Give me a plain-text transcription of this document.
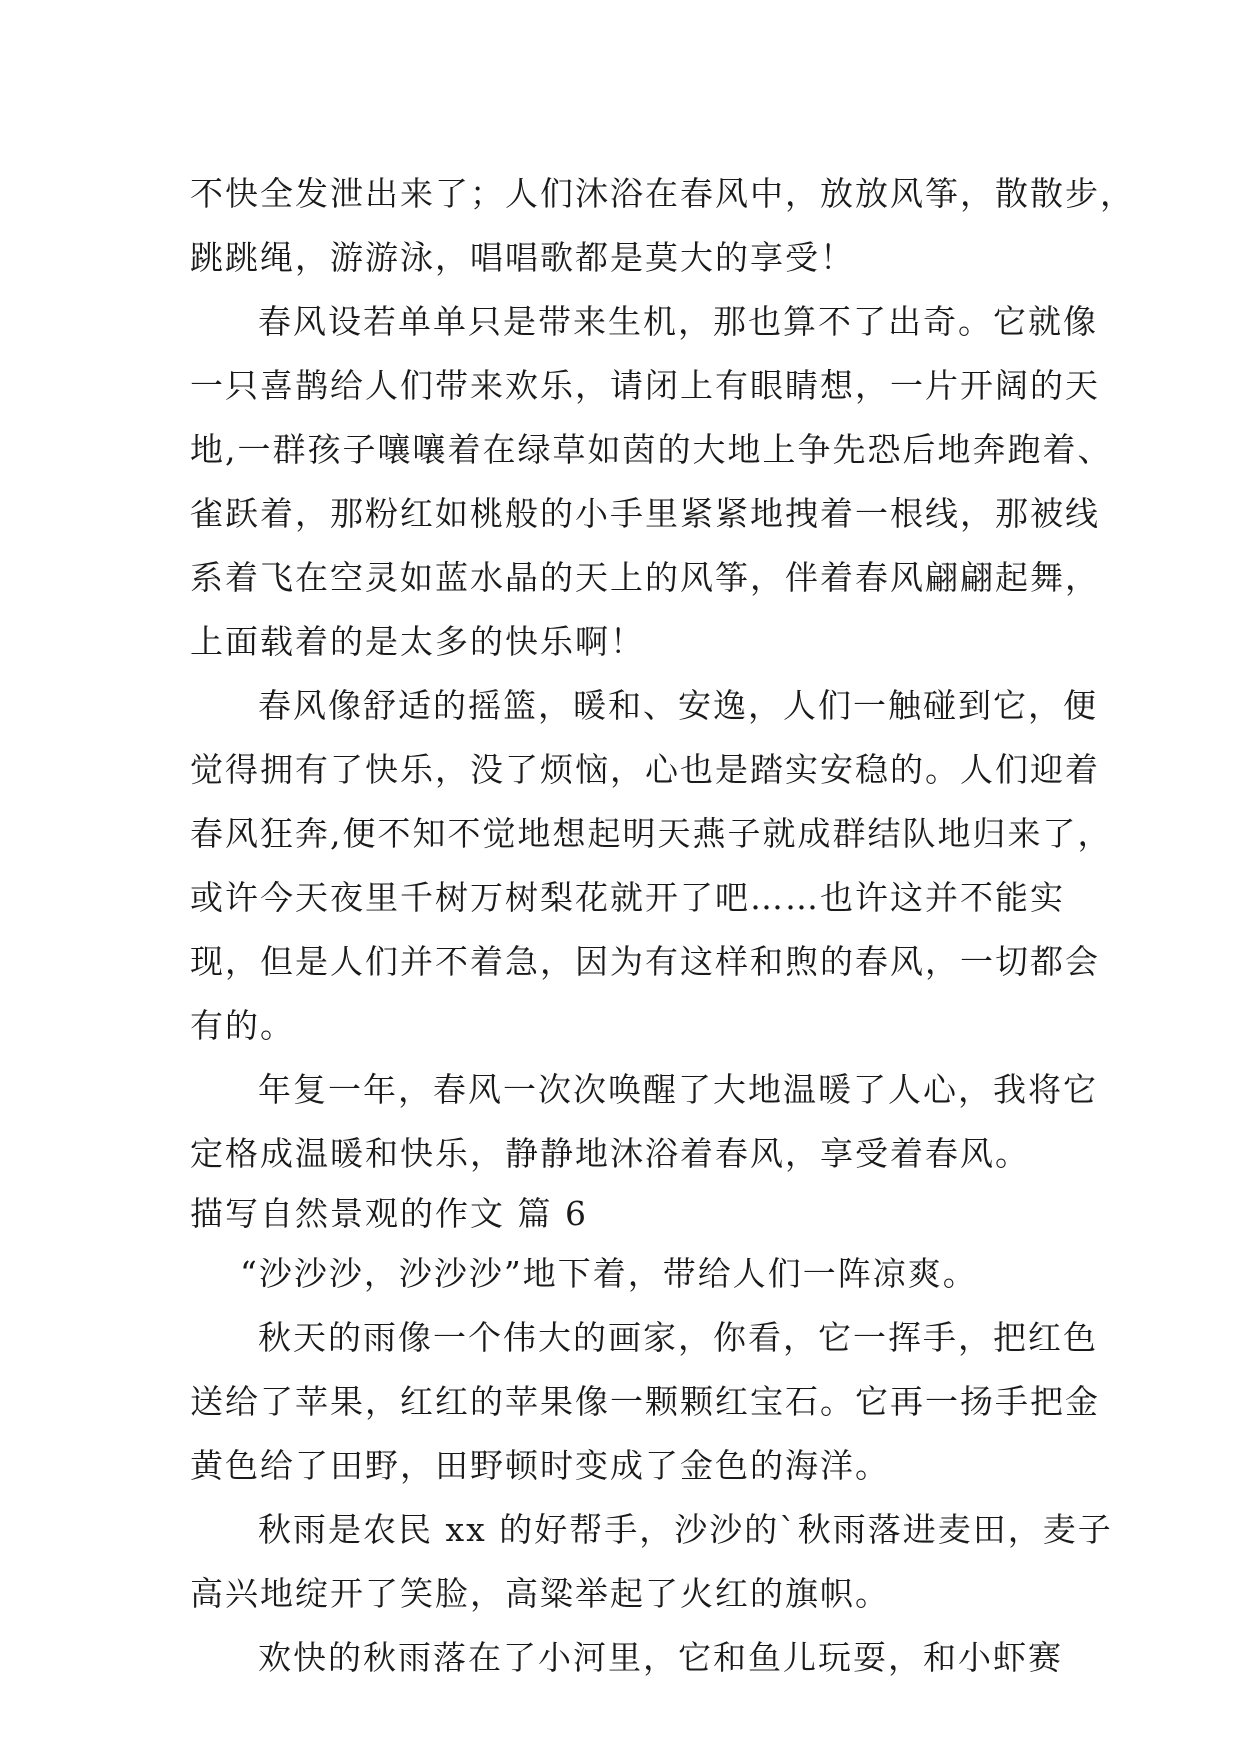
不快全发泄出来了；人们沐浴在春风中，放放风筝，散散步，
跳跳绳，游游泳，唱唱歌都是莫大的享受！
春风设若单单只是带来生机，那也算不了出奇。它就像
一只喜鹊给人们带来欢乐，请闭上有眼睛想，一片开阔的天
地,一群孩子嚷嚷着在绿草如茵的大地上争先恐后地奔跑着、
雀跃着，那粉红如桃般的小手里紧紧地拽着一根线，那被线
系着飞在空灵如蓝水晶的天上的风筝，伴着春风翩翩起舞，
上面载着的是太多的快乐啊！
春风像舒适的摇篮，暖和、安逸，人们一触碰到它，便
觉得拥有了快乐，没了烦恼，心也是踏实安稳的。人们迎着
春风狂奔,便不知不觉地想起明天燕子就成群结队地归来了，
或许今天夜里千树万树梨花就开了吧……也许这并不能实
现，但是人们并不着急，因为有这样和煦的春风，一切都会
有的。
年复一年，春风一次次唤醒了大地温暖了人心，我将它
定格成温暖和快乐，静静地沐浴着春风，享受着春风。
描写自然景观的作文 篇 6
“沙沙沙，沙沙沙”地下着，带给人们一阵凉爽。
秋天的雨像一个伟大的画家，你看，它一挥手，把红色
送给了苹果，红红的苹果像一颗颗红宝石。它再一扬手把金
黄色给了田野，田野顿时变成了金色的海洋。
秋雨是农民 xx 的好帮手，沙沙的`秋雨落进麦田，麦子
高兴地绽开了笑脸，高粱举起了火红的旗帜。
欢快的秋雨落在了小河里，它和鱼儿玩耍，和小虾赛
